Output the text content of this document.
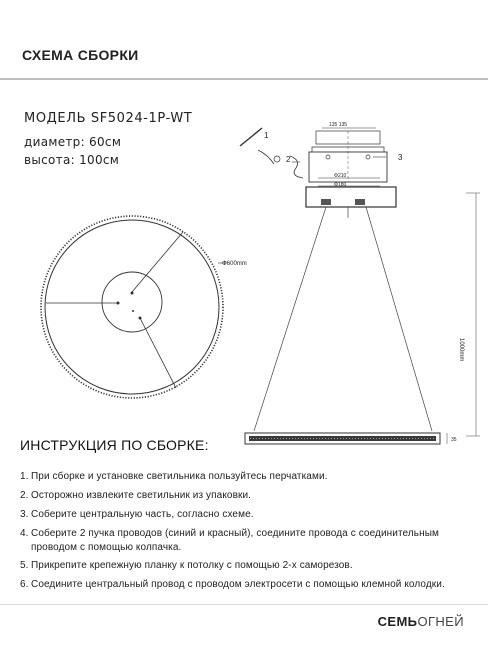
СХЕМА СБОРКИ
МОДЕЛЬ SF5024-1P-WT
диаметр: 60см
высота: 100см
Φ600mm
135 135
Φ210
Φ180
1
2	3
1000mm
35
ИНСТРУКЦИЯ ПО СБОРКЕ:
1. При сборке и установке светильника пользуйтесь перчатками.
2. Осторожно извлеките светильник из упаковки.
3. Соберите центральную часть, согласно схеме.
4. Соберите 2 пучка проводов (синий и красный), соедините провода с соединительным
проводом с помощью колпачка.
5. Прикрепите крепежную планку к потолку с помощью 2-х саморезов.
6. Соедините центральный провод с проводом электросети с помощью клемной колодки.
СЕМЬОГНЕЙ
